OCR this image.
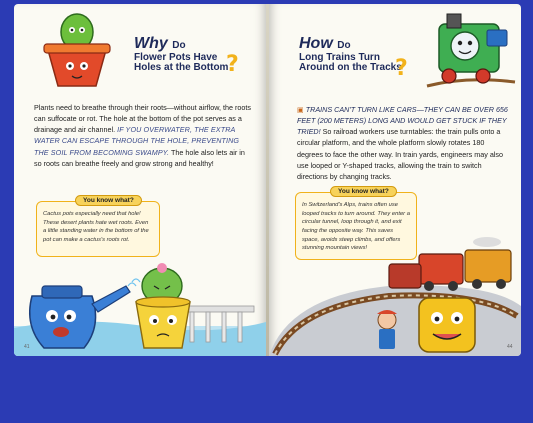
Why Do
Flower Pots Have
Holes at the Bottom
?
Plants need to breathe through their roots—without airflow, the roots can suffocate or rot. The hole at the bottom of the pot serves as a drainage and air channel. IF YOU OVERWATER, THE EXTRA WATER CAN ESCAPE THROUGH THE HOLE, PREVENTING THE SOIL FROM BECOMING SWAMPY. The hole also lets air in so roots can breathe freely and grow strong and healthy!
You know what?
Cactus pots especially need that hole! These desert plants hate wet roots. Even a little standing water in the bottom of the pot can make a cactus's roots rot.
41
How Do
Long Trains Turn
Around on the Tracks
?
▣ TRAINS CAN'T TURN LIKE CARS—THEY CAN BE OVER 656 FEET (200 METERS) LONG AND WOULD GET STUCK IF THEY TRIED! So railroad workers use turntables: the train pulls onto a circular platform, and the whole platform slowly rotates 180 degrees to face the other way. In train yards, engineers may also use looped or Y-shaped tracks, allowing the train to switch directions by changing tracks.
You know what?
In Switzerland's Alps, trains often use looped tracks to turn around. They enter a circular tunnel, loop through it, and exit facing the opposite way. This saves space, avoids steep climbs, and offers stunning mountain views!
44
